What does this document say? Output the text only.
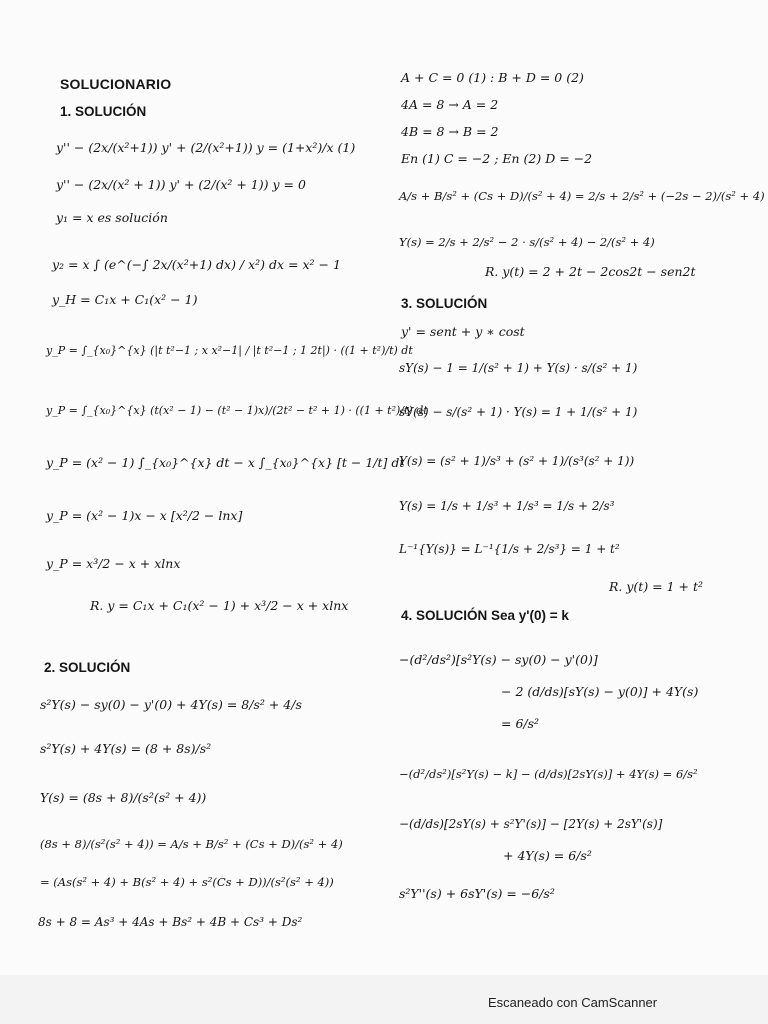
SOLUCIONARIO
1. SOLUCIÓN
y'' − (2x/(x²+1)) y' + (2/(x²+1)) y = (1+x²)/x (1)
y'' − (2x/(x² + 1)) y' + (2/(x² + 1)) y = 0
y₁ = x es solución
y₂ = x ∫ (e^(−∫ 2x/(x²+1) dx) / x²) dx = x² − 1
y_H = C₁x + C₁(x² − 1)
y_P = ∫_{x₀}^{x} (|t t²−1 ; x x²−1| / |t t²−1 ; 1 2t|) · ((1 + t²)/t) dt
y_P = ∫_{x₀}^{x} (t(x² − 1) − (t² − 1)x)/(2t² − t² + 1) · ((1 + t²)/t) dt
y_P = (x² − 1) ∫_{x₀}^{x} dt − x ∫_{x₀}^{x} [t − 1/t] dt
y_P = (x² − 1)x − x [x²/2 − lnx]
y_P = x³/2 − x + xlnx
R. y = C₁x + C₁(x² − 1) + x³/2 − x + xlnx
2. SOLUCIÓN
s²Y(s) − sy(0) − y'(0) + 4Y(s) = 8/s² + 4/s
s²Y(s) + 4Y(s) = (8 + 8s)/s²
Y(s) = (8s + 8)/(s²(s² + 4))
(8s + 8)/(s²(s² + 4)) = A/s + B/s² + (Cs + D)/(s² + 4)
= (As(s² + 4) + B(s² + 4) + s²(Cs + D))/(s²(s² + 4))
8s + 8 = As³ + 4As + Bs² + 4B + Cs³ + Ds²
A + C = 0 (1) : B + D = 0 (2)
4A = 8 → A = 2
4B = 8 → B = 2
En (1) C = −2 ; En (2) D = −2
A/s + B/s² + (Cs + D)/(s² + 4) = 2/s + 2/s² + (−2s − 2)/(s² + 4)
Y(s) = 2/s + 2/s² − 2 · s/(s² + 4) − 2/(s² + 4)
R. y(t) = 2 + 2t − 2cos2t − sen2t
3. SOLUCIÓN
y' = sent + y ∗ cost
sY(s) − 1 = 1/(s² + 1) + Y(s) · s/(s² + 1)
sY(s) − s/(s² + 1) · Y(s) = 1 + 1/(s² + 1)
Y(s) = (s² + 1)/s³ + (s² + 1)/(s³(s² + 1))
Y(s) = 1/s + 1/s³ + 1/s³ = 1/s + 2/s³
L⁻¹{Y(s)} = L⁻¹{1/s + 2/s³} = 1 + t²
R. y(t) = 1 + t²
4. SOLUCIÓN Sea y'(0) = k
−(d²/ds²)[s²Y(s) − sy(0) − y'(0)]
− 2 (d/ds)[sY(s) − y(0)] + 4Y(s)
= 6/s²
−(d²/ds²)[s²Y(s) − k] − (d/ds)[2sY(s)] + 4Y(s) = 6/s²
−(d/ds)[2sY(s) + s²Y'(s)] − [2Y(s) + 2sY'(s)]
+ 4Y(s) = 6/s²
s²Y''(s) + 6sY'(s) = −6/s²
Escaneado con CamScanner
